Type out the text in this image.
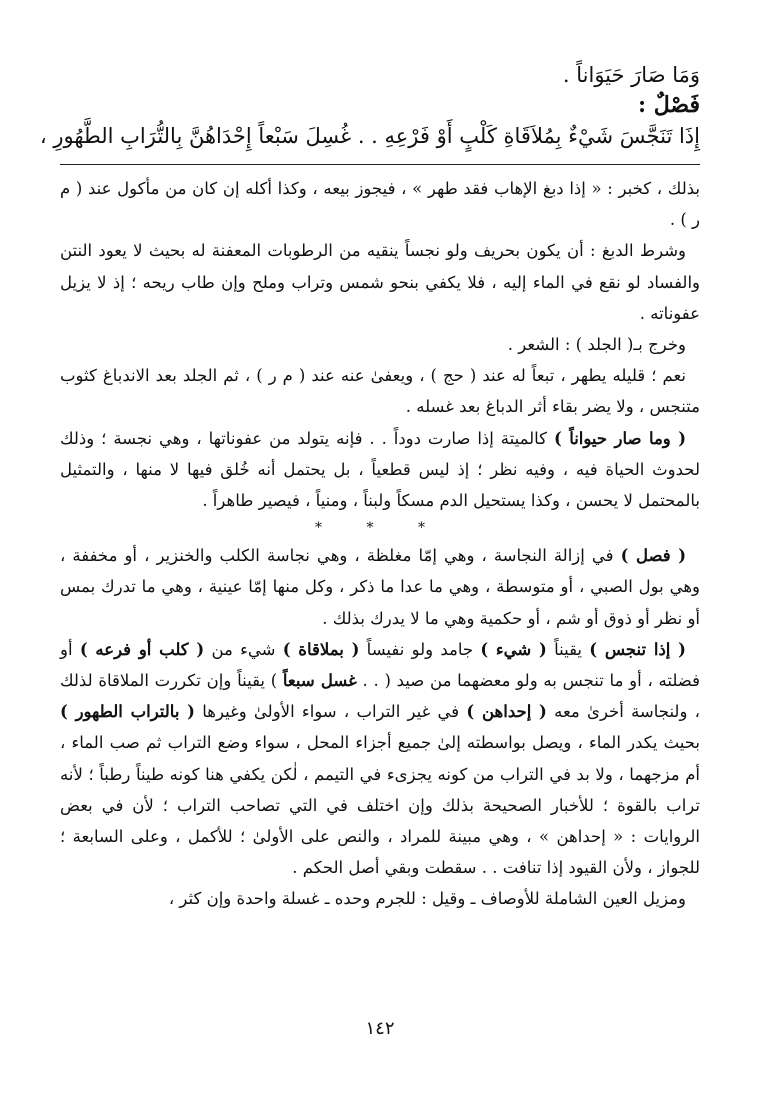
وَمَا صَارَ حَيَوَاناً .
فَصْلٌ :
إِذَا تَنَجَّسَ شَيْءٌ بِمُلاَقَاةِ كَلْبٍ أَوْ فَرْعِهِ . . غُسِلَ سَبْعاً إِحْدَاهُنَّ بِالتُّرَابِ الطَّهُورِ ،

بذلك ، كخبر : « إذا دبغ الإهاب فقد طهر » ، فيجوز بيعه ، وكذا أكله إن كان من مأكول عند ( م ر ) .

وشرط الدبغ : أن يكون بحريف ولو نجساً ينقيه من الرطوبات المعفنة له بحيث لا يعود النتن والفساد لو نقع في الماء إليه ، فلا يكفي بنحو شمس وتراب وملح وإن طاب ريحه ؛ إذ لا يزيل عفوناته .

وخرج بـ( الجلد ) : الشعر .

نعم ؛ قليله يطهر ، تبعاً له عند ( حج ) ، ويعفىٰ عنه عند ( م ر ) ، ثم الجلد بعد الاندباغ كثوب متنجس ، ولا يضر بقاء أثر الدباغ بعد غسله .

( وما صار حيواناً ) كالميتة إذا صارت دوداً . . فإنه يتولد من عفوناتها ، وهي نجسة ؛ وذلك لحدوث الحياة فيه ، وفيه نظر ؛ إذ ليس قطعياً ، بل يحتمل أنه خُلق فيها لا منها ، والتمثيل بالمحتمل لا يحسن ، وكذا يستحيل الدم مسكاً ولبناً ، ومنياً ، فيصير طاهراً .

* * *

( فصل ) في إزالة النجاسة ، وهي إمّا مغلظة ، وهي نجاسة الكلب والخنزير ، أو مخففة ، وهي بول الصبي ، أو متوسطة ، وهي ما عدا ما ذكر ، وكل منها إمّا عينية ، وهي ما تدرك بمس أو نظر أو ذوق أو شم ، أو حكمية وهي ما لا يدرك بذلك .

( إذا تنجس ) يقيناً ( شيء ) جامد ولو نفيساً ( بملاقاة ) شيء من ( كلب أو فرعه ) أو فضلته ، أو ما تنجس به ولو معضهما من صيد ( . . غسل سبعاً ) يقيناً وإن تكررت الملاقاة لذلك ، ولنجاسة أخرىٰ معه ( إحداهن ) في غير التراب ، سواء الأولىٰ وغيرها ( بالتراب الطهور ) بحيث يكدر الماء ، ويصل بواسطته إلىٰ جميع أجزاء المحل ، سواء وضع التراب ثم صب الماء ، أم مزجهما ، ولا بد في التراب من كونه يجزىء في التيمم ، لٰكن يكفي هنا كونه طيناً رطباً ؛ لأنه تراب بالقوة ؛ للأخبار الصحيحة بذلك وإن اختلف في التي تصاحب التراب ؛ لأن في بعض الروايات : « إحداهن » ، وهي مبينة للمراد ، والنص على الأولىٰ ؛ للأكمل ، وعلى السابعة ؛ للجواز ، ولأن القيود إذا تنافت . . سقطت وبقي أصل الحكم .

ومزيل العين الشاملة للأوصاف ـ وقيل : للجرم وحده ـ غسلة واحدة وإن كثر ،

١٤٢
